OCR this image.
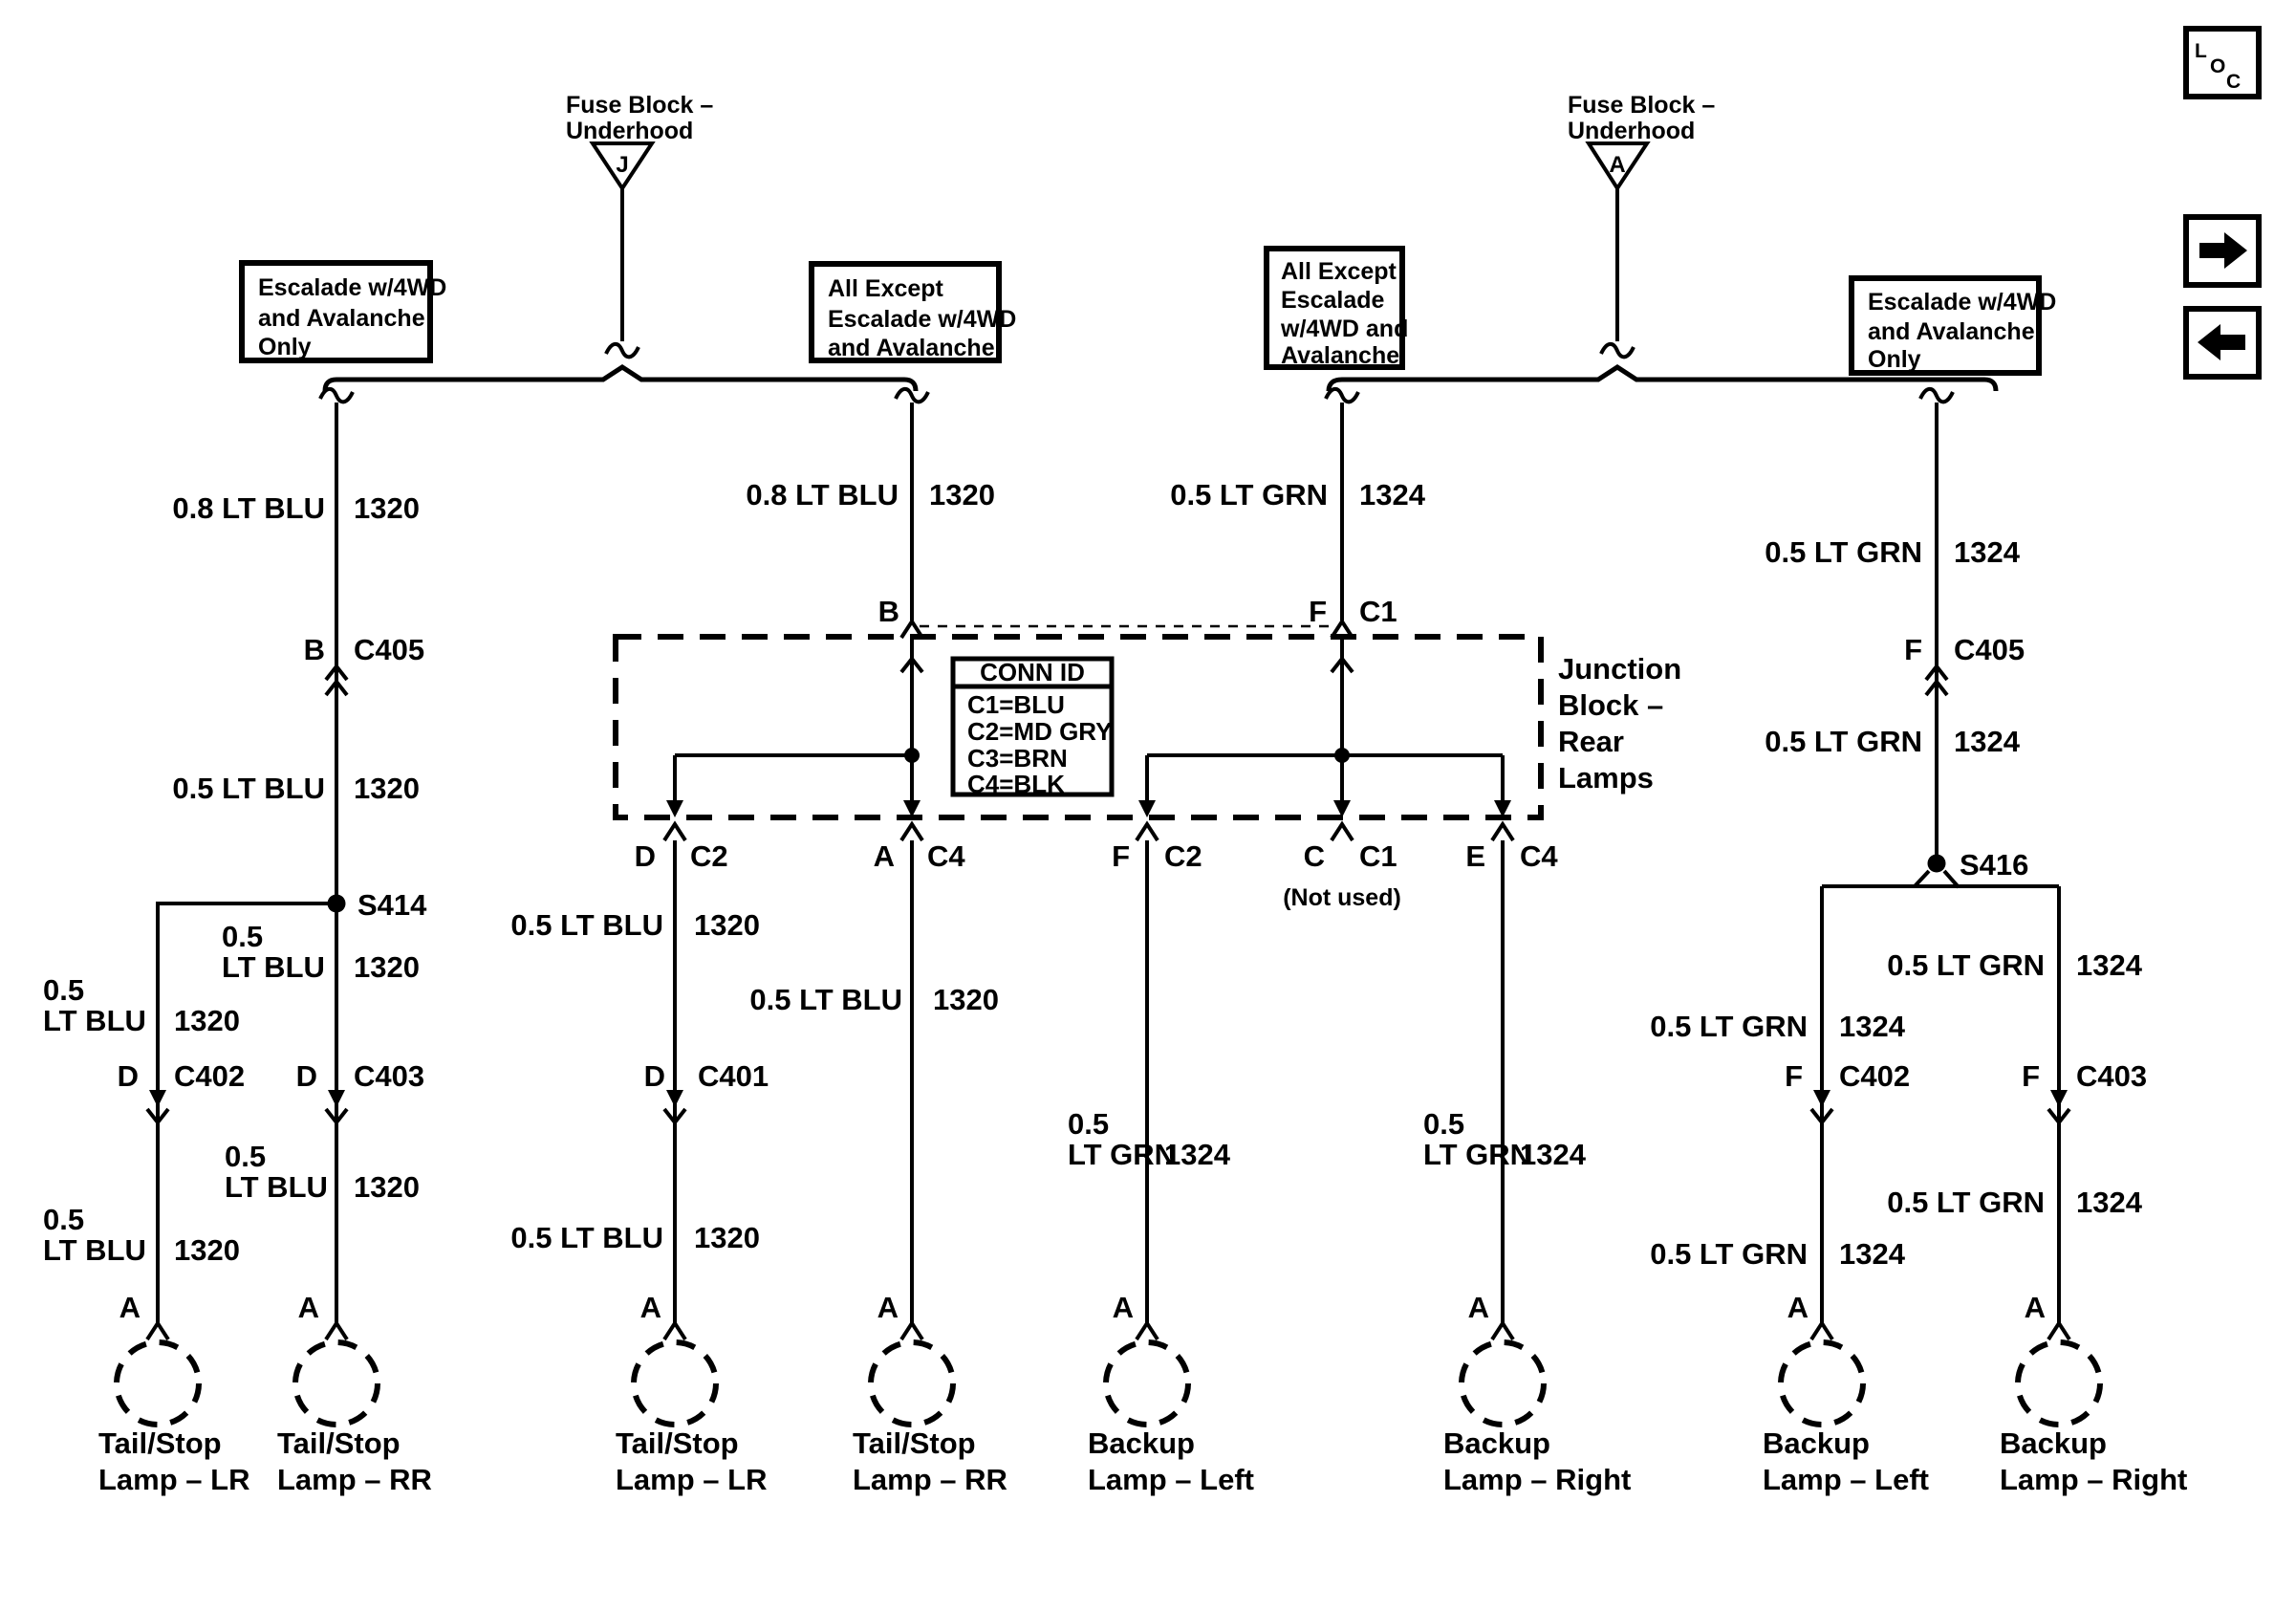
L
O
C
Fuse Block –
Underhood
J
Fuse Block –
Underhood
A
Escalade w/4WD
and Avalanche
Only
All Except
Escalade w/4WD
and Avalanche
All Except
Escalade
w/4WD and
Avalanche
Escalade w/4WD
and Avalanche
Only
0.8 LT BLU 1320
B C405
0.5 LT BLU 1320
S414
0.5
LT BLU 1320
D C403
0.5
LT BLU 1320
A
0.5
LT BLU 1320
D C402
0.5
LT BLU 1320
A
0.8 LT BLU 1320
B
0.5 LT GRN 1324
F C1
Junction
Block –
Rear
Lamps
CONN ID
C1=BLU
C2=MD GRY
C3=BRN
C4=BLK
D C2	A C4	F C2	C C1
(Not used)
E C4
0.5 LT BLU 1320
D C401
0.5 LT BLU 1320
A
0.5 LT BLU 1320
A
0.5
LT GRN
1324
A
0.5
LT GRN
1324
A
0.5 LT GRN 1324
F C405
0.5 LT GRN 1324
S416
0.5 LT GRN 1324
F C402
0.5 LT GRN 1324
A
0.5 LT GRN 1324
F C403
0.5 LT GRN 1324
A
Tail/Stop
Lamp – LR
Tail/Stop
Lamp – RR
Tail/Stop
Lamp – LR
Tail/Stop
Lamp – RR
Backup
Lamp – Left
Backup
Lamp – Right
Backup
Lamp – Left
Backup
Lamp – Right
